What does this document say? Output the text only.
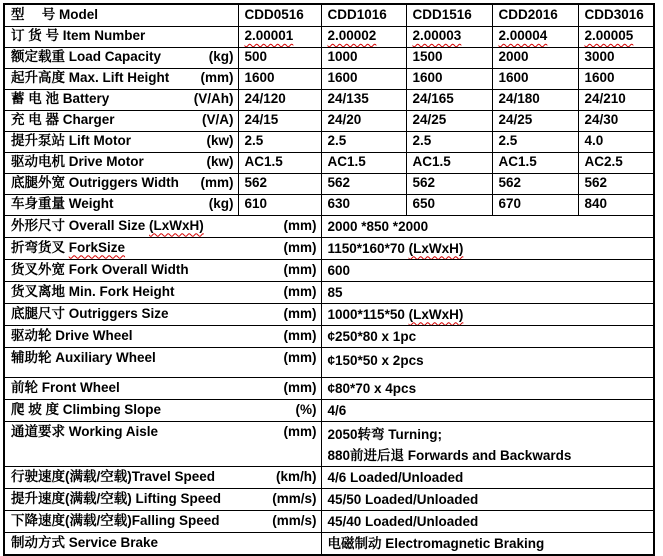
型　 号 Model	CDD0516	CDD1016	CDD1516	CDD2016	CDD3016

订 货 号 Item Number	2.00001	2.00002	2.00003	2.00004	2.00005

额定载重 Load Capacity (kg)	500	1000	1500	2000	3000

起升高度 Max. Lift Height (mm)	1600	1600	1600	1600	1600

蓄 电 池 Battery (V/Ah)	24/120	24/135	24/165	24/180	24/210

充 电 器 Charger (V/A)	24/15	24/20	24/25	24/25	24/30

提升泵站 Lift Motor (kw)	2.5	2.5	2.5	2.5	4.0

驱动电机 Drive Motor (kw)	AC1.5	AC1.5	AC1.5	AC1.5	AC2.5

底腿外宽 Outriggers Width (mm)	562	562	562	562	562

车身重量 Weight (kg)	610	630	650	670	840

外形尺寸 Overall Size (LxWxH) (mm)		2000 *850 *2000			

折弯货叉 ForkSize (mm)		1150*160*70 (LxWxH)			

货叉外宽 Fork Overall Width (mm)		600			

货叉离地 Min. Fork Height (mm)		85			

底腿尺寸 Outriggers Size (mm)		1000*115*50 (LxWxH)			

驱动轮 Drive Wheel (mm)		¢250*80 x 1pc			

辅助轮 Auxiliary Wheel (mm)		¢150*50 x 2pcs			

前轮 Front Wheel (mm)		¢80*70 x 4pcs			

爬 坡 度 Climbing Slope (%)		4/6			

通道要求 Working Aisle	(mm)	2050转弯 Turning;
880前进后退 Forwards and Backwards

行驶速度(满载/空载)Travel Speed (km/h)		4/6 Loaded/Unloaded			

提升速度(满载/空载) Lifting Speed (mm/s)		45/50 Loaded/Unloaded			

下降速度(满载/空载)Falling Speed (mm/s)		45/40 Loaded/Unloaded			

制动方式 Service Brake		电磁制动 Electromagnetic Braking			
